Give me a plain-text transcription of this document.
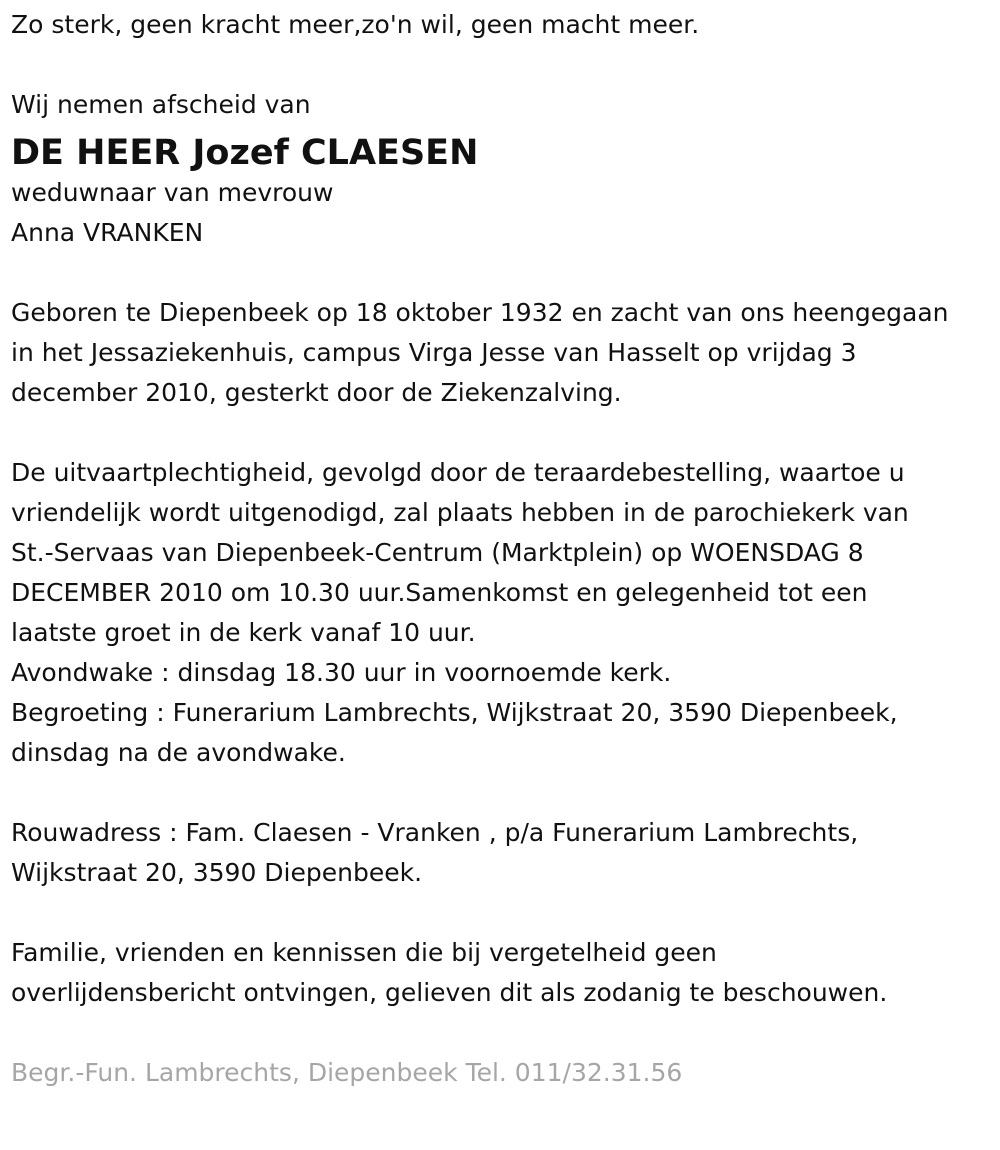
Zo sterk, geen kracht meer,zo'n wil, geen macht meer.
Wij nemen afscheid van
DE HEER Jozef CLAESEN
weduwnaar van mevrouw
Anna VRANKEN
Geboren te Diepenbeek op 18 oktober 1932 en zacht van ons heengegaan
in het Jessaziekenhuis, campus Virga Jesse van Hasselt op vrijdag 3
december 2010, gesterkt door de Ziekenzalving.
De uitvaartplechtigheid, gevolgd door de teraardebestelling, waartoe u
vriendelijk wordt uitgenodigd, zal plaats hebben in de parochiekerk van
St.-Servaas van Diepenbeek-Centrum (Marktplein) op WOENSDAG 8
DECEMBER 2010 om 10.30 uur.Samenkomst en gelegenheid tot een
laatste groet in de kerk vanaf 10 uur.
Avondwake : dinsdag 18.30 uur in voornoemde kerk.
Begroeting : Funerarium Lambrechts, Wijkstraat 20, 3590 Diepenbeek,
dinsdag na de avondwake.
Rouwadress : Fam. Claesen - Vranken , p/a Funerarium Lambrechts,
Wijkstraat 20, 3590 Diepenbeek.
Familie, vrienden en kennissen die bij vergetelheid geen
overlijdensbericht ontvingen, gelieven dit als zodanig te beschouwen.
Begr.-Fun. Lambrechts, Diepenbeek Tel. 011/32.31.56
